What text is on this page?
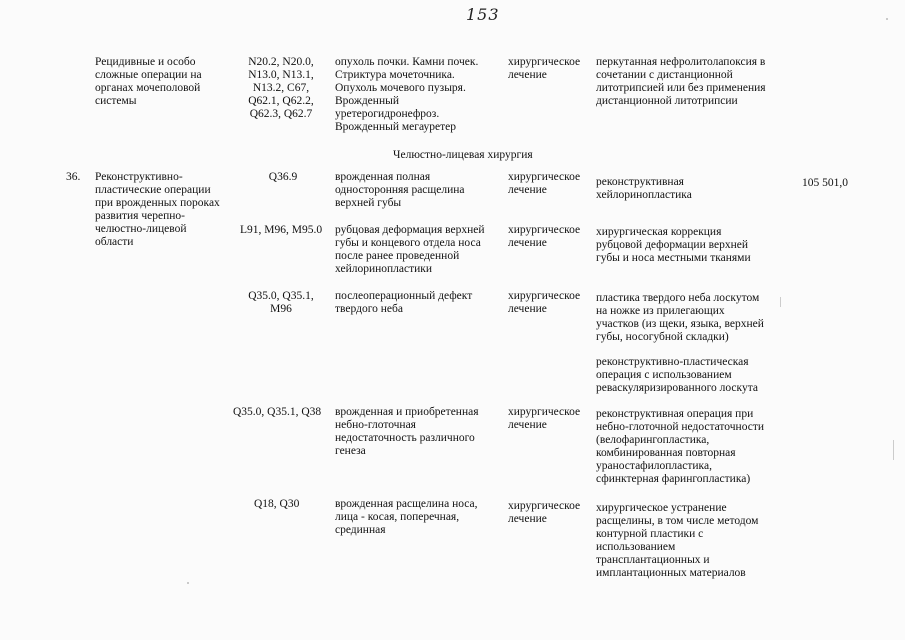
153
Рецидивные и особо
сложные операции на
органах мочеполовой
системы
N20.2, N20.0,
N13.0, N13.1,
N13.2, C67,
Q62.1, Q62.2,
Q62.3, Q62.7
опухоль почки. Камни почек.
Стриктура мочеточника.
Опухоль мочевого пузыря.
Врожденный
уретерогидронефроз.
Врожденный мегауретер
хирургическое
лечение
перкутанная нефролитолапоксия в
сочетании с дистанционной
литотрипсией или без применения
дистанционной литотрипсии
Челюстно-лицевая хирургия
36. Реконструктивно-
пластические операции
при врожденных пороках
развития черепно-
челюстно-лицевой
области
105 501,0
Q36.9	врожденная полная
односторонняя расщелина
верхней губы
хирургическое
лечение
реконструктивная
хейлоринопластика
L91, M96, M95.0 рубцовая деформация верхней
губы и концевого отдела носа
после ранее проведенной
хейлоринопластики
хирургическое
лечение
хирургическая коррекция
рубцовой деформации верхней
губы и носа местными тканями
Q35.0, Q35.1,
M96
послеоперационный дефект
твердого неба
хирургическое
лечение
пластика твердого неба лоскутом
на ножке из прилегающих
участков (из щеки, языка, верхней
губы, носогубной складки)
реконструктивно-пластическая
операция с использованием
реваскуляризированного лоскута
Q35.0, Q35.1, Q38 врожденная и приобретенная
небно-глоточная
недостаточность различного
генеза
хирургическое
лечение
реконструктивная операция при
небно-глоточной недостаточности
(велофарингопластика,
комбинированная повторная
ураностафилопластика,
сфинктерная фарингопластика)
Q18, Q30	врожденная расщелина носа,
лица - косая, поперечная,
срединная
хирургическое
лечение
хирургическое устранение
расщелины, в том числе методом
контурной пластики с
использованием
трансплантационных и
имплантационных материалов
